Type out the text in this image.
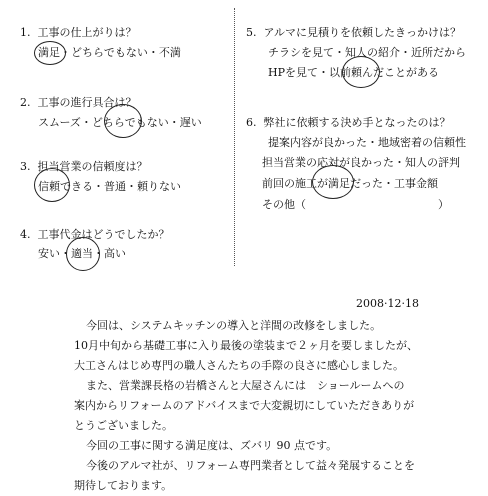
1. 工事の仕上がりは？
満足・どちらでもない・不満
2. 工事の進行具合は？
スムーズ・どちらでもない・遅い
3. 担当営業の信頼度は？
信頼できる・普通・頼りない
4. 工事代金はどうでしたか？
安い・適当・高い
5. アルマに見積りを依頼したきっかけは？
チラシを見て・知人の紹介・近所だから
HPを見て・以前頼んだことがある
6. 弊社に依頼する決め手となったのは？
提案内容が良かった・地域密着の信頼性
担当営業の応対が良かった・知人の評判
前回の施工が満足だった・工事金額
その他（　　　　　　　　　　　　）
2008·12·18
今回は、システムキッチンの導入と洋間の改修をしました。
10月中旬から基礎工事に入り最後の塗装まで２ヶ月を要しましたが、
大工さんはじめ専門の職人さんたちの手際の良さに感心しました。
また、営業課長格の岩橋さんと大屋さんには　ショールームへの
案内からリフォームのアドバイスまで大変親切にしていただきありが
とうございました。
今回の工事に関する満足度は、ズバリ 90 点です。
今後のアルマ社が、リフォーム専門業者として益々発展することを
期待しております。
